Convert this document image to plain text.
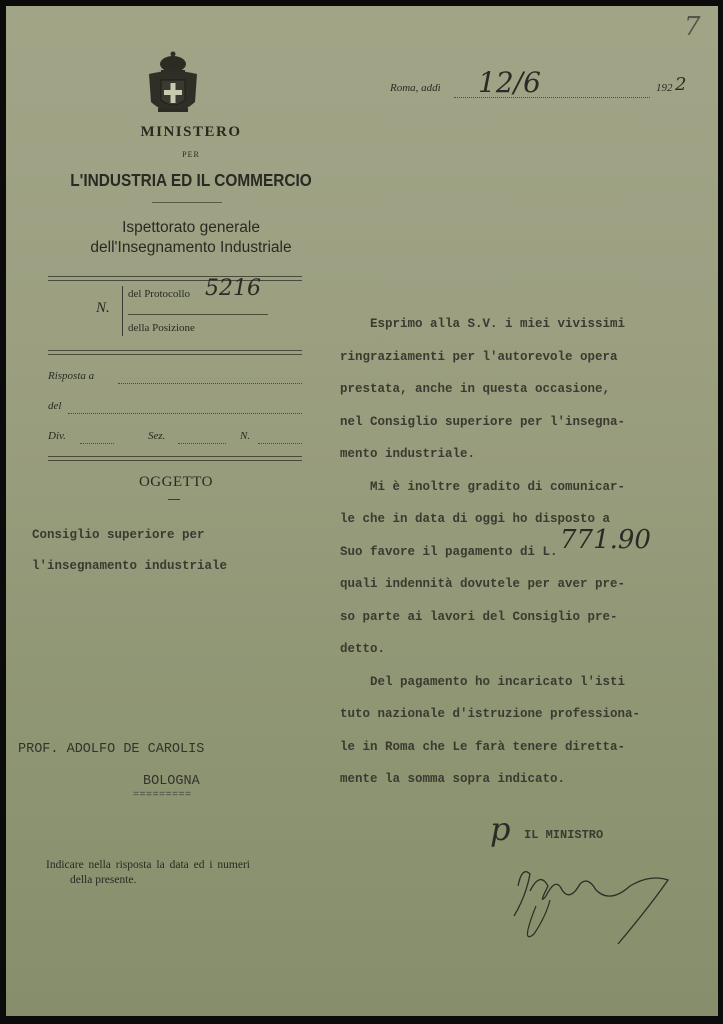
7
MINISTERO
PER
L'INDUSTRIA ED IL COMMERCIO
Ispettorato generale
dell'Insegnamento Industriale
Roma, addì 12/6	192 2
N.
del Protocollo 5216
della Posizione
Risposta a
del
Div.	Sez.	N.
OGGETTO
Consiglio superiore per
l'insegnamento industriale

Esprimo alla S.V. i miei vivissimi

ringraziamenti per l'autorevole opera

prestata, anche in questa occasione,

nel Consiglio superiore per l'insegna-

mento industriale.

Mi è inoltre gradito di comunicar-

le che in data di oggi ho disposto a

Suo favore il pagamento di L. 771.90

quali indennità dovutele per aver pre-

so parte ai lavori del Consiglio pre-

detto.

Del pagamento ho incaricato l'isti

tuto nazionale d'istruzione professiona-

le in Roma che Le farà tenere diretta-

mente la somma sopra indicato.

PROF. ADOLFO DE CAROLIS
BOLOGNA
=========
Indicare nella risposta la data ed i numeri
della presente.
p IL MINISTRO
